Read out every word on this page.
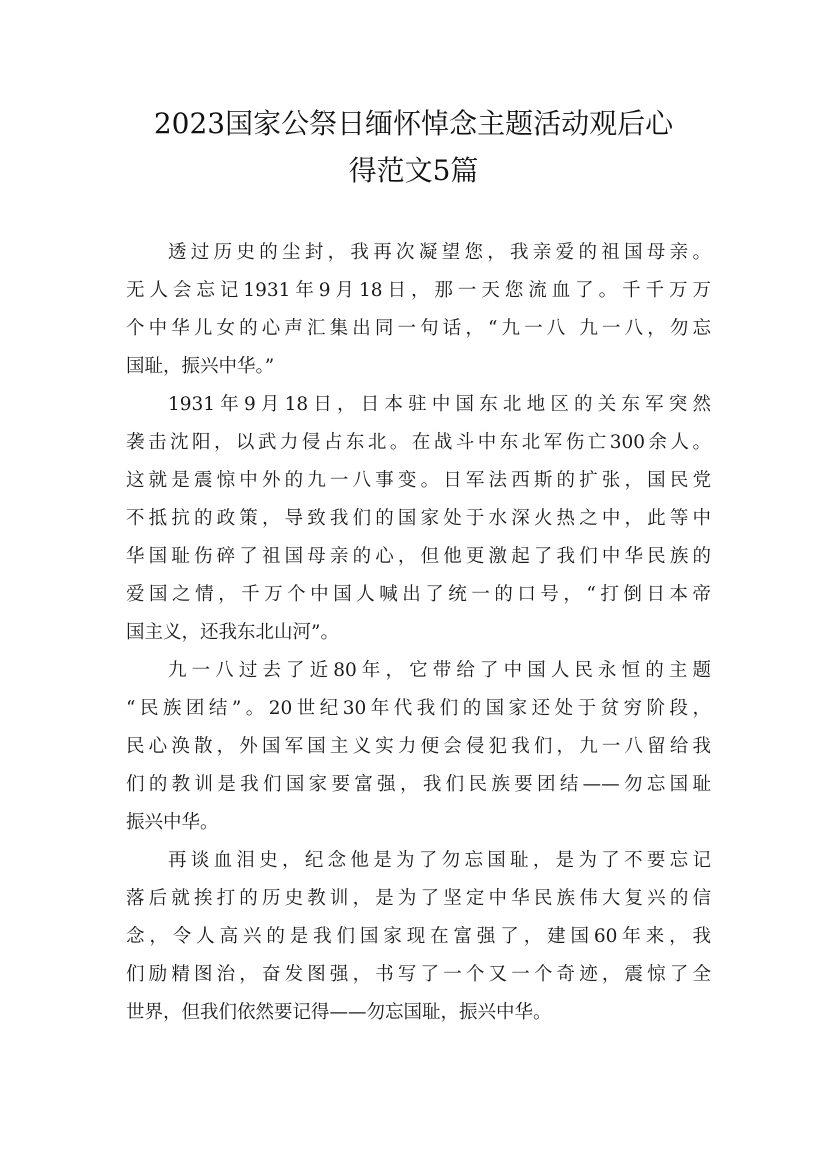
2023国家公祭日缅怀悼念主题活动观后心
得范文5篇
透过历史的尘封，我再次凝望您，我亲爱的祖国母亲。
无人会忘记1931年9月18日，那一天您流血了。千千万万
个中华儿女的心声汇集出同一句话，“九一八 九一八，勿忘
国耻，振兴中华。”
1931年9月18日，日本驻中国东北地区的关东军突然
袭击沈阳，以武力侵占东北。在战斗中东北军伤亡300余人。
这就是震惊中外的九一八事变。日军法西斯的扩张，国民党
不抵抗的政策，导致我们的国家处于水深火热之中，此等中
华国耻伤碎了祖国母亲的心，但他更激起了我们中华民族的
爱国之情，千万个中国人喊出了统一的口号，“打倒日本帝
国主义，还我东北山河”。
九一八过去了近80年，它带给了中国人民永恒的主题
“民族团结”。20世纪30年代我们的国家还处于贫穷阶段，
民心涣散，外国军国主义实力便会侵犯我们，九一八留给我
们的教训是我们国家要富强，我们民族要团结——勿忘国耻
振兴中华。
再谈血泪史，纪念他是为了勿忘国耻，是为了不要忘记
落后就挨打的历史教训，是为了坚定中华民族伟大复兴的信
念，令人高兴的是我们国家现在富强了，建国60年来，我
们励精图治，奋发图强，书写了一个又一个奇迹，震惊了全
世界，但我们依然要记得——勿忘国耻，振兴中华。
